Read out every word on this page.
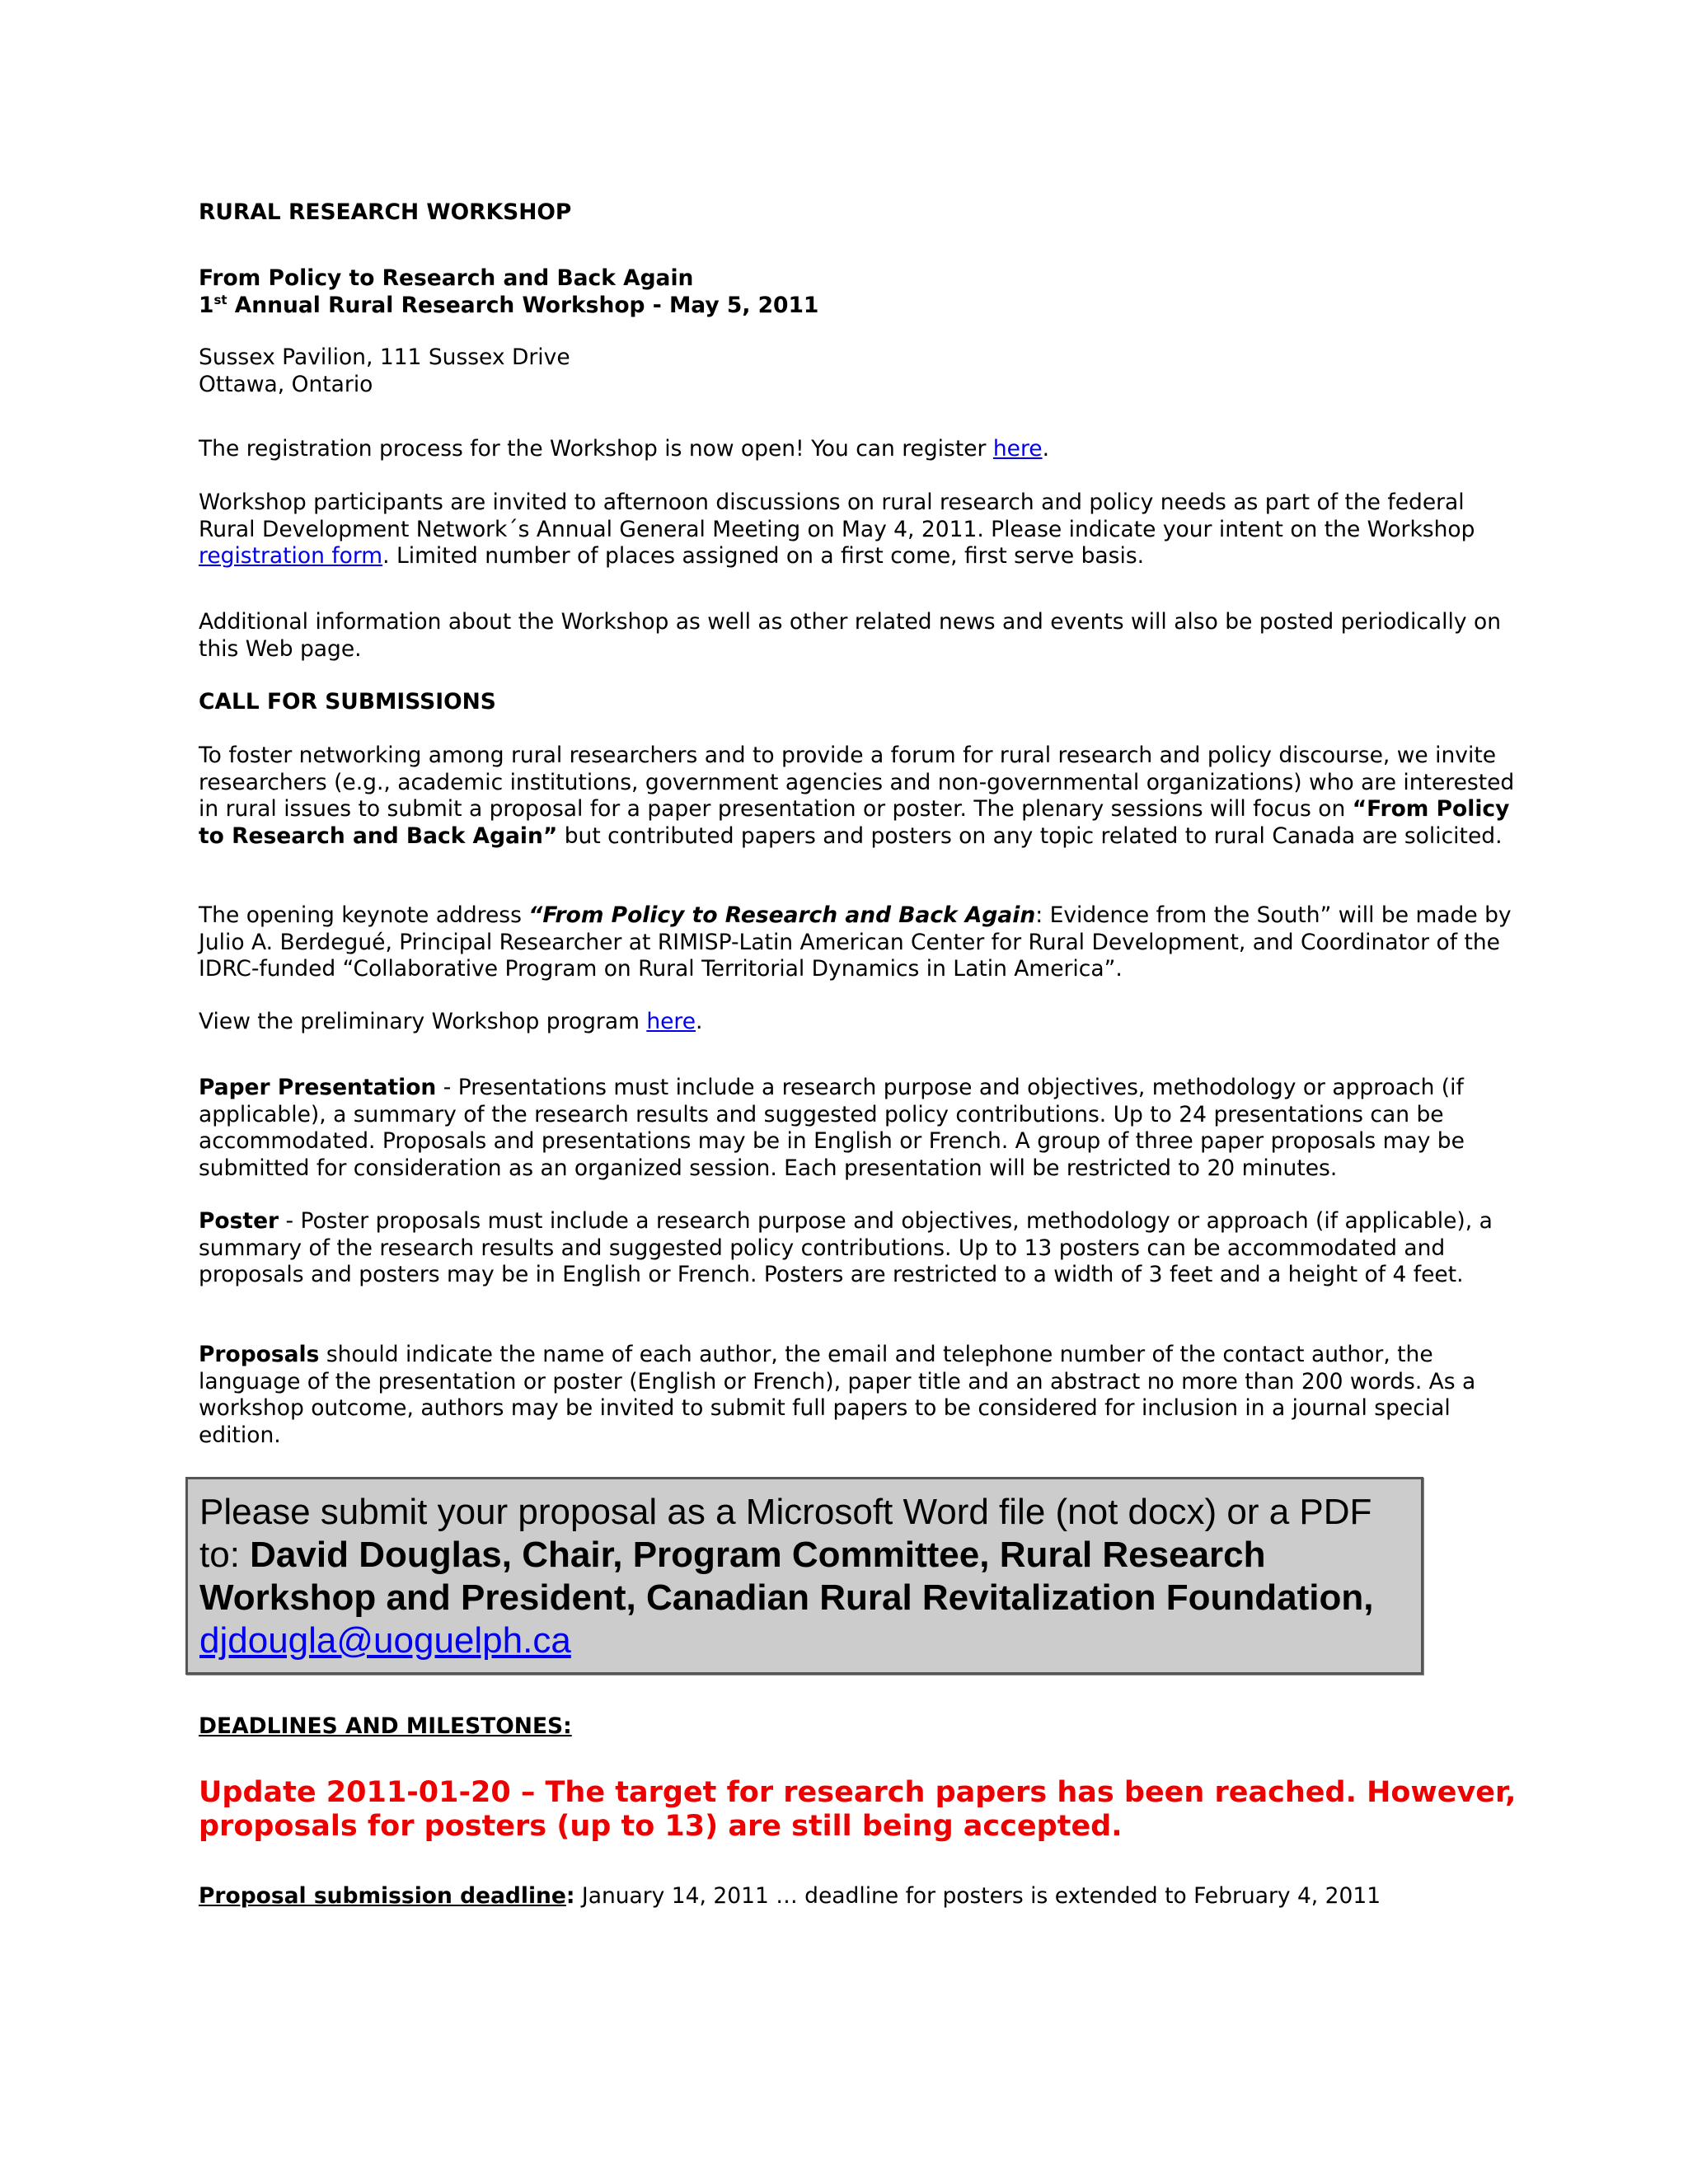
RURAL RESEARCH WORKSHOP
From Policy to Research and Back Again
1st Annual Rural Research Workshop - May 5, 2011
Sussex Pavilion, 111 Sussex Drive
Ottawa, Ontario

The registration process for the Workshop is now open! You can register here.

Workshop participants are invited to afternoon discussions on rural research and policy needs as part of the federal Rural Development Network´s Annual General Meeting on May 4, 2011. Please indicate your intent on the Workshop registration form. Limited number of places assigned on a first come, first serve basis.

Additional information about the Workshop as well as other related news and events will also be posted periodically on this Web page.

CALL FOR SUBMISSIONS

To foster networking among rural researchers and to provide a forum for rural research and policy discourse, we invite researchers (e.g., academic institutions, government agencies and non-governmental organizations) who are interested in rural issues to submit a proposal for a paper presentation or poster. The plenary sessions will focus on “From Policy to Research and Back Again” but contributed papers and posters on any topic related to rural Canada are solicited.

The opening keynote address “From Policy to Research and Back Again: Evidence from the South” will be made by Julio A. Berdegué, Principal Researcher at RIMISP-Latin American Center for Rural Development, and Coordinator of the IDRC-funded “Collaborative Program on Rural Territorial Dynamics in Latin America”.

View the preliminary Workshop program here.

Paper Presentation - Presentations must include a research purpose and objectives, methodology or approach (if applicable), a summary of the research results and suggested policy contributions. Up to 24 presentations can be accommodated. Proposals and presentations may be in English or French. A group of three paper proposals may be submitted for consideration as an organized session. Each presentation will be restricted to 20 minutes.

Poster - Poster proposals must include a research purpose and objectives, methodology or approach (if applicable), a summary of the research results and suggested policy contributions. Up to 13 posters can be accommodated and proposals and posters may be in English or French. Posters are restricted to a width of 3 feet and a height of 4 feet.

Proposals should indicate the name of each author, the email and telephone number of the contact author, the language of the presentation or poster (English or French), paper title and an abstract no more than 200 words. As a workshop outcome, authors may be invited to submit full papers to be considered for inclusion in a journal special edition.

Please submit your proposal as a Microsoft Word file (not docx) or a PDF to: David Douglas, Chair, Program Committee, Rural Research Workshop and President, Canadian Rural Revitalization Foundation,
djdougla@uoguelph.ca
DEADLINES AND MILESTONES:

Update 2011-01-20 – The target for research papers has been reached. However, proposals for posters (up to 13) are still being accepted.

Proposal submission deadline: January 14, 2011 … deadline for posters is extended to February 4, 2011
